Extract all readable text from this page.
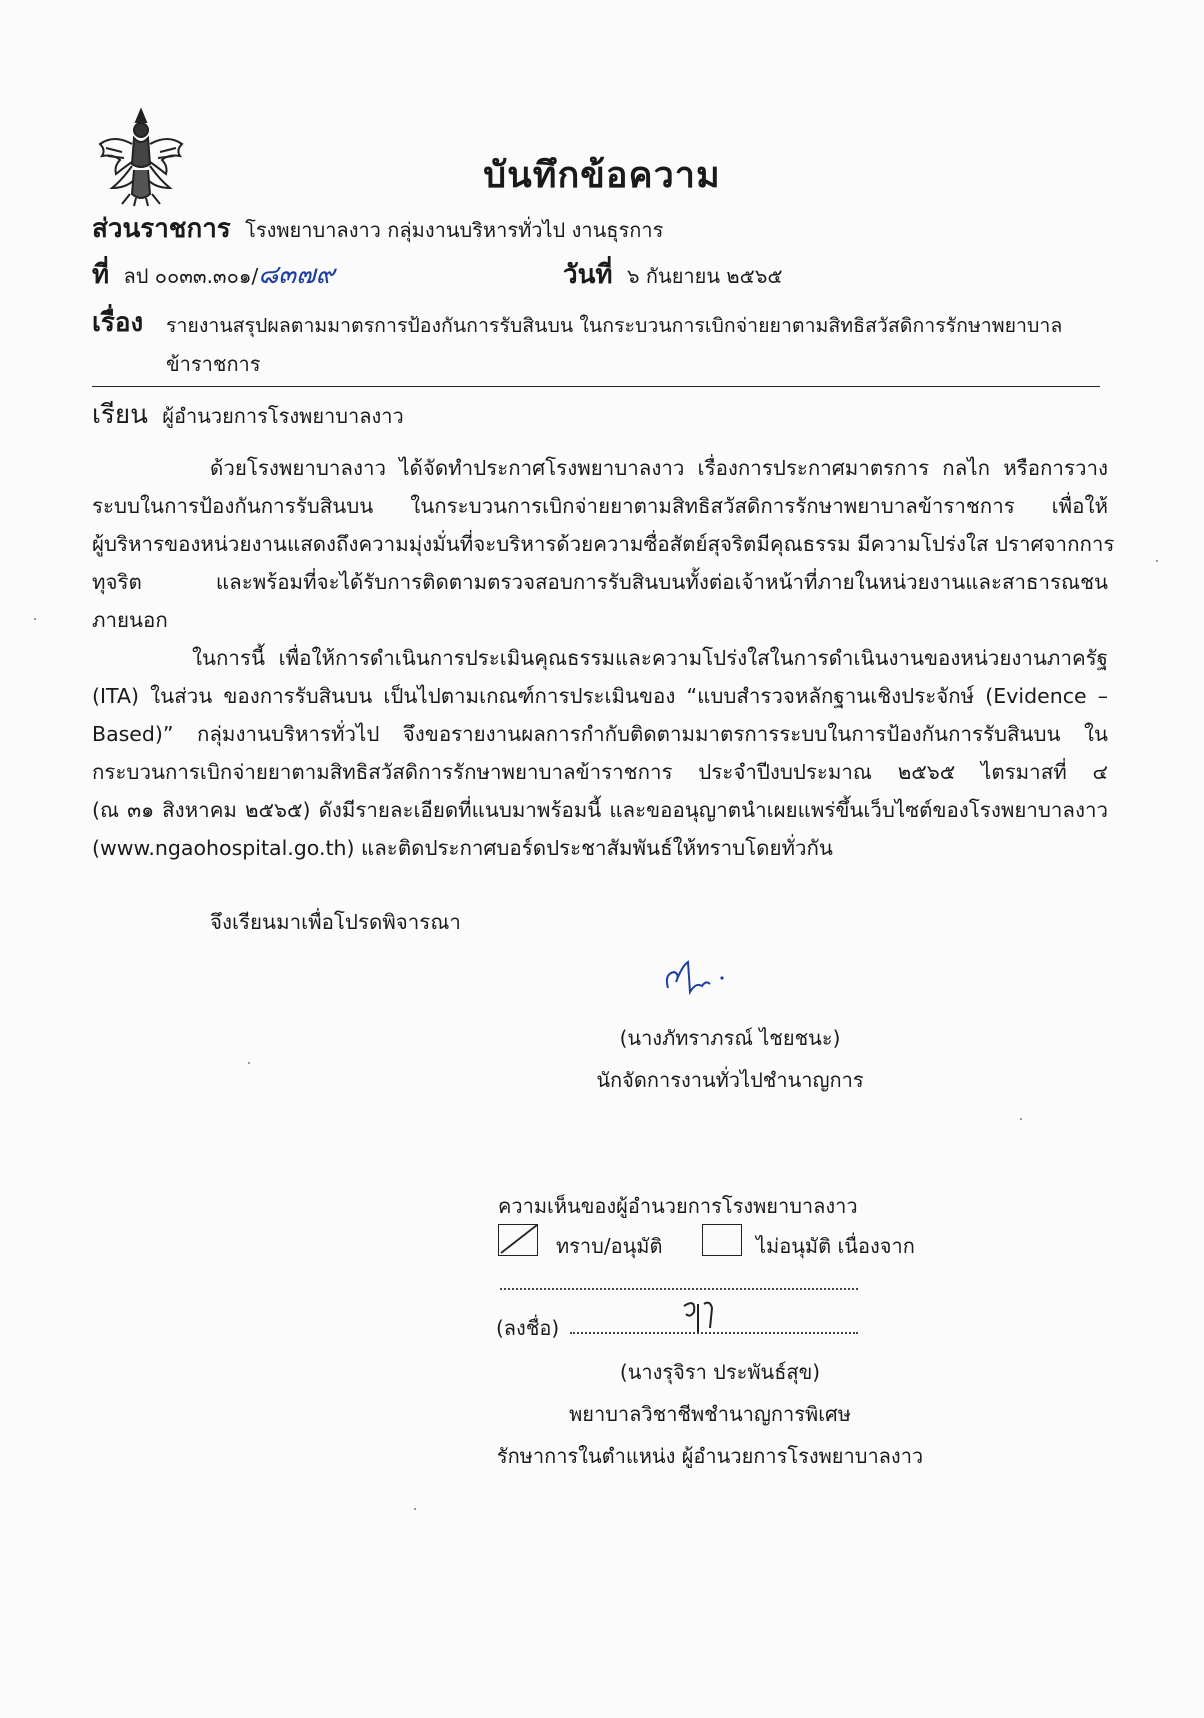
บันทึกข้อความ
ส่วนราชการ โรงพยาบาลงาว กลุ่มงานบริหารทั่วไป งานธุรการ
ที่ ลป ๐๐๓๓.๓๐๑/๘๓๗๙	วันที่ ๖ กันยายน ๒๕๖๕
เรื่อง	รายงานสรุปผลตามมาตรการป้องกันการรับสินบน ในกระบวนการเบิกจ่ายยาตามสิทธิสวัสดิการรักษาพยาบาล
ข้าราชการ
เรียน ผู้อำนวยการโรงพยาบาลงาว
ด้วยโรงพยาบาลงาว ได้จัดทำประกาศโรงพยาบาลงาว เรื่องการประกาศมาตรการ กลไก หรือการวาง
ระบบในการป้องกันการรับสินบน ในกระบวนการเบิกจ่ายยาตามสิทธิสวัสดิการรักษาพยาบาลข้าราชการ เพื่อให้
ผู้บริหารของหน่วยงานแสดงถึงความมุ่งมั่นที่จะบริหารด้วยความซื่อสัตย์สุจริตมีคุณธรรม มีความโปร่งใส ปราศจากการ
ทุจริต และพร้อมที่จะได้รับการติดตามตรวจสอบการรับสินบนทั้งต่อเจ้าหน้าที่ภายในหน่วยงานและสาธารณชน
ภายนอก
ในการนี้ เพื่อให้การดำเนินการประเมินคุณธรรมและความโปร่งใสในการดำเนินงานของหน่วยงานภาครัฐ
(ITA) ในส่วน ของการรับสินบน เป็นไปตามเกณฑ์การประเมินของ “แบบสำรวจหลักฐานเชิงประจักษ์ (Evidence –
Based)” กลุ่มงานบริหารทั่วไป จึงขอรายงานผลการกำกับติดตามมาตรการระบบในการป้องกันการรับสินบน ใน
กระบวนการเบิกจ่ายยาตามสิทธิสวัสดิการรักษาพยาบาลข้าราชการ ประจำปีงบประมาณ ๒๕๖๕ ไตรมาสที่ ๔
(ณ ๓๑ สิงหาคม ๒๕๖๕) ดังมีรายละเอียดที่แนบมาพร้อมนี้ และขออนุญาตนำเผยแพร่ขึ้นเว็บไซต์ของโรงพยาบาลงาว
(www.ngaohospital.go.th) และติดประกาศบอร์ดประชาสัมพันธ์ให้ทราบโดยทั่วกัน
จึงเรียนมาเพื่อโปรดพิจารณา
(นางภัทราภรณ์ ไชยชนะ)
นักจัดการงานทั่วไปชำนาญการ
ความเห็นของผู้อำนวยการโรงพยาบาลงาว
ทราบ/อนุมัติ	ไม่อนุมัติ เนื่องจาก
(ลงชื่อ)
(นางรุจิรา ประพันธ์สุข)
พยาบาลวิชาชีพชำนาญการพิเศษ
รักษาการในตำแหน่ง ผู้อำนวยการโรงพยาบาลงาว
